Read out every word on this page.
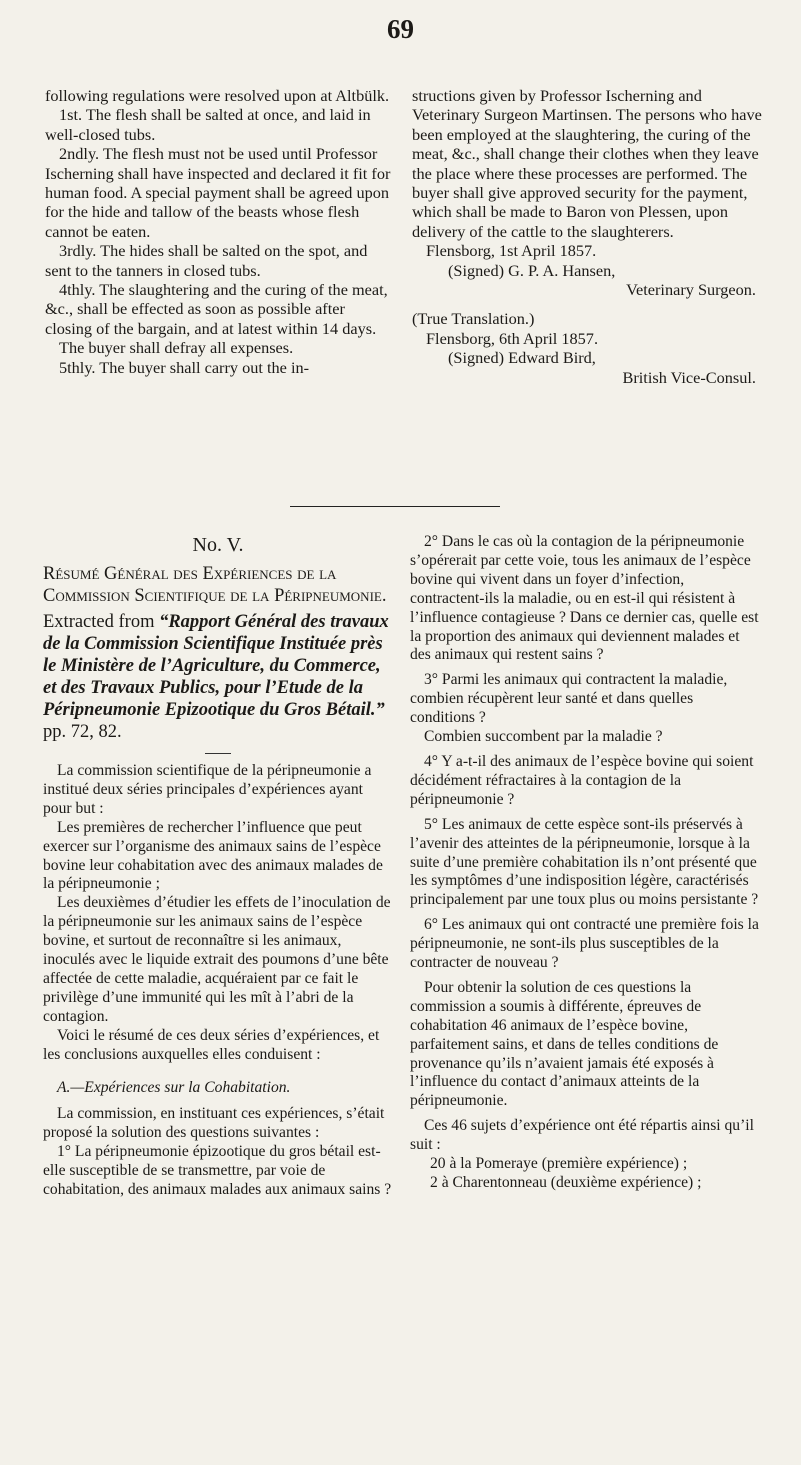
69

following regulations were resolved upon at Altbülk.

1st. The flesh shall be salted at once, and laid in well-closed tubs.

2ndly. The flesh must not be used until Professor Ischerning shall have inspected and declared it fit for human food. A special payment shall be agreed upon for the hide and tallow of the beasts whose flesh cannot be eaten.

3rdly. The hides shall be salted on the spot, and sent to the tanners in closed tubs.

4thly. The slaughtering and the curing of the meat, &c., shall be effected as soon as possible after closing of the bargain, and at latest within 14 days.

The buyer shall defray all expenses.

5thly. The buyer shall carry out the in-

structions given by Professor Ischerning and Veterinary Surgeon Martinsen. The persons who have been employed at the slaughtering, the curing of the meat, &c., shall change their clothes when they leave the place where these processes are performed. The buyer shall give approved security for the payment, which shall be made to Baron von Plessen, upon delivery of the cattle to the slaughterers.

Flensborg, 1st April 1857.

(Signed) G. P. A. Hansen,

Veterinary Surgeon.

(True Translation.)

Flensborg, 6th April 1857.

(Signed) Edward Bird,

British Vice-Consul.

No. V.

Résumé Général des Expériences de la Commission Scientifique de la Péripneumonie.

Extracted from “Rapport Général des travaux de la Commission Scientifique Instituée près le Ministère de l’Agriculture, du Commerce, et des Travaux Publics, pour l’Etude de la Péripneumonie Epizootique du Gros Bétail.” pp. 72, 82.

La commission scientifique de la péripneumonie a institué deux séries principales d’expériences ayant pour but :

Les premières de rechercher l’influence que peut exercer sur l’organisme des animaux sains de l’espèce bovine leur cohabitation avec des animaux malades de la péripneumonie ;

Les deuxièmes d’étudier les effets de l’inoculation de la péripneumonie sur les animaux sains de l’espèce bovine, et surtout de reconnaître si les animaux, inoculés avec le liquide extrait des poumons d’une bête affectée de cette maladie, acquéraient par ce fait le privilège d’une immunité qui les mît à l’abri de la contagion.

Voici le résumé de ces deux séries d’expériences, et les conclusions auxquelles elles conduisent :

A.—Expériences sur la Cohabitation.

La commission, en instituant ces expériences, s’était proposé la solution des questions suivantes :

1° La péripneumonie épizootique du gros bétail est-elle susceptible de se transmettre, par voie de cohabitation, des animaux malades aux animaux sains ?

2° Dans le cas où la contagion de la péripneumonie s’opérerait par cette voie, tous les animaux de l’espèce bovine qui vivent dans un foyer d’infection, contractent-ils la maladie, ou en est-il qui résistent à l’influence contagieuse ? Dans ce dernier cas, quelle est la proportion des animaux qui deviennent malades et des animaux qui restent sains ?

3° Parmi les animaux qui contractent la maladie, combien récupèrent leur santé et dans quelles conditions ?

Combien succombent par la maladie ?

4° Y a-t-il des animaux de l’espèce bovine qui soient décidément réfractaires à la contagion de la péripneumonie ?

5° Les animaux de cette espèce sont-ils préservés à l’avenir des atteintes de la péripneumonie, lorsque à la suite d’une première cohabitation ils n’ont présenté que les symptômes d’une indisposition légère, caractérisés principalement par une toux plus ou moins persistante ?

6° Les animaux qui ont contracté une première fois la péripneumonie, ne sont-ils plus susceptibles de la contracter de nouveau ?

Pour obtenir la solution de ces questions la commission a soumis à différente, épreuves de cohabitation 46 animaux de l’espèce bovine, parfaitement sains, et dans de telles conditions de provenance qu’ils n’avaient jamais été exposés à l’influence du contact d’animaux atteints de la péripneumonie.

Ces 46 sujets d’expérience ont été répartis ainsi qu’il suit :

20 à la Pomeraye (première expérience) ;

2 à Charentonneau (deuxième expérience) ;
